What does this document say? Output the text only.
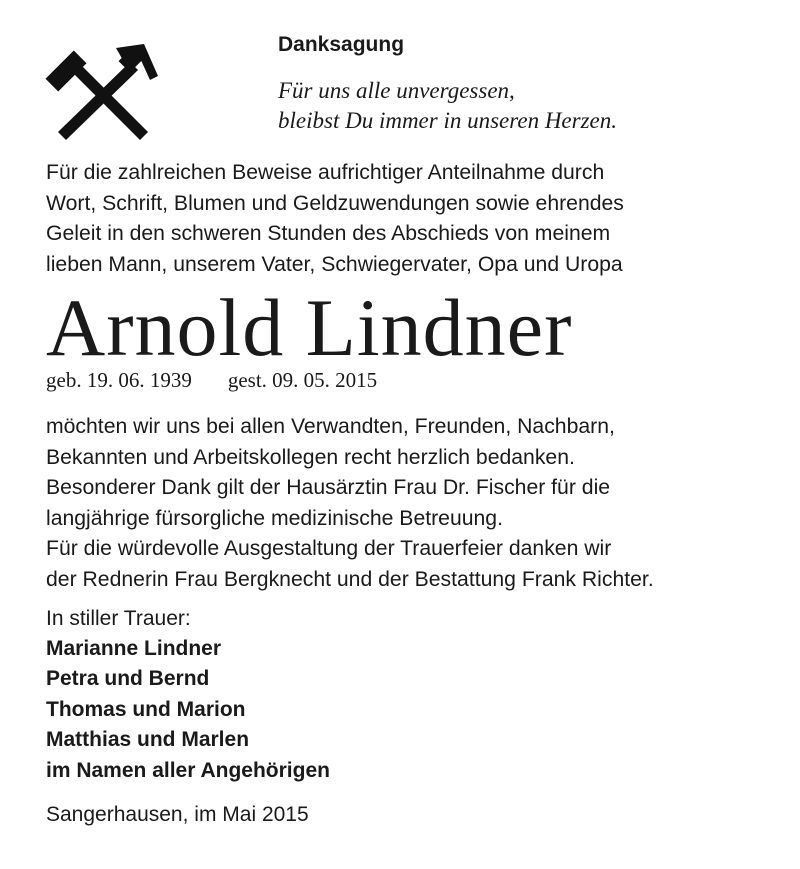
Danksagung
Für uns alle unvergessen,
bleibst Du immer in unseren Herzen.
Für die zahlreichen Beweise aufrichtiger Anteilnahme durch
Wort, Schrift, Blumen und Geldzuwendungen sowie ehrendes
Geleit in den schweren Stunden des Abschieds von meinem
lieben Mann, unserem Vater, Schwiegervater, Opa und Uropa
Arnold Lindner
geb. 19. 06. 1939 gest. 09. 05. 2015
möchten wir uns bei allen Verwandten, Freunden, Nachbarn,
Bekannten und Arbeitskollegen recht herzlich bedanken.
Besonderer Dank gilt der Hausärztin Frau Dr. Fischer für die
langjährige fürsorgliche medizinische Betreuung.
Für die würdevolle Ausgestaltung der Trauerfeier danken wir
der Rednerin Frau Bergknecht und der Bestattung Frank Richter.
In stiller Trauer:
Marianne Lindner
Petra und Bernd
Thomas und Marion
Matthias und Marlen
im Namen aller Angehörigen
Sangerhausen, im Mai 2015
